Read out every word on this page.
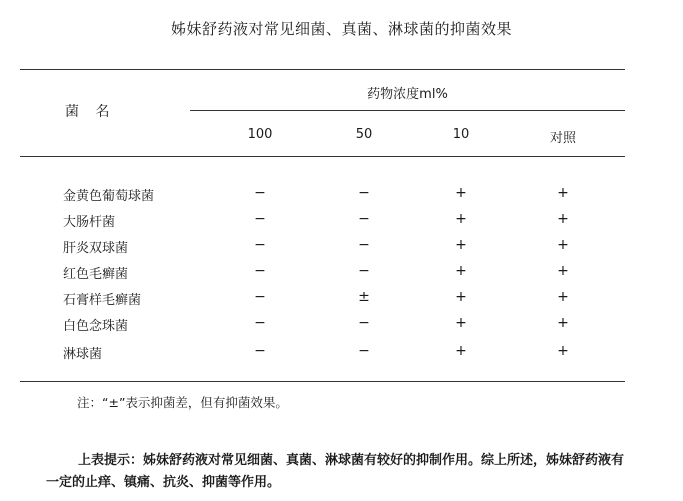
姊妹舒药液对常见细菌、真菌、淋球菌的抑菌效果
菌 名
药物浓度ml%
100	50	10	对照
金黄色葡萄球菌	−	−	+	+
大肠杆菌	−	−	+	+
肝炎双球菌	−	−	+	+
红色毛癣菌	−	−	+	+
石膏样毛癣菌	−	±	+	+
白色念珠菌	−	−	+	+
淋球菌	−	−	+	+
注：“±”表示抑菌差，但有抑菌效果。
上表提示：姊妹舒药液对常见细菌、真菌、淋球菌有较好的抑制作用。综上所述，姊妹舒药液有一定的止痒、镇痛、抗炎、抑菌等作用。
